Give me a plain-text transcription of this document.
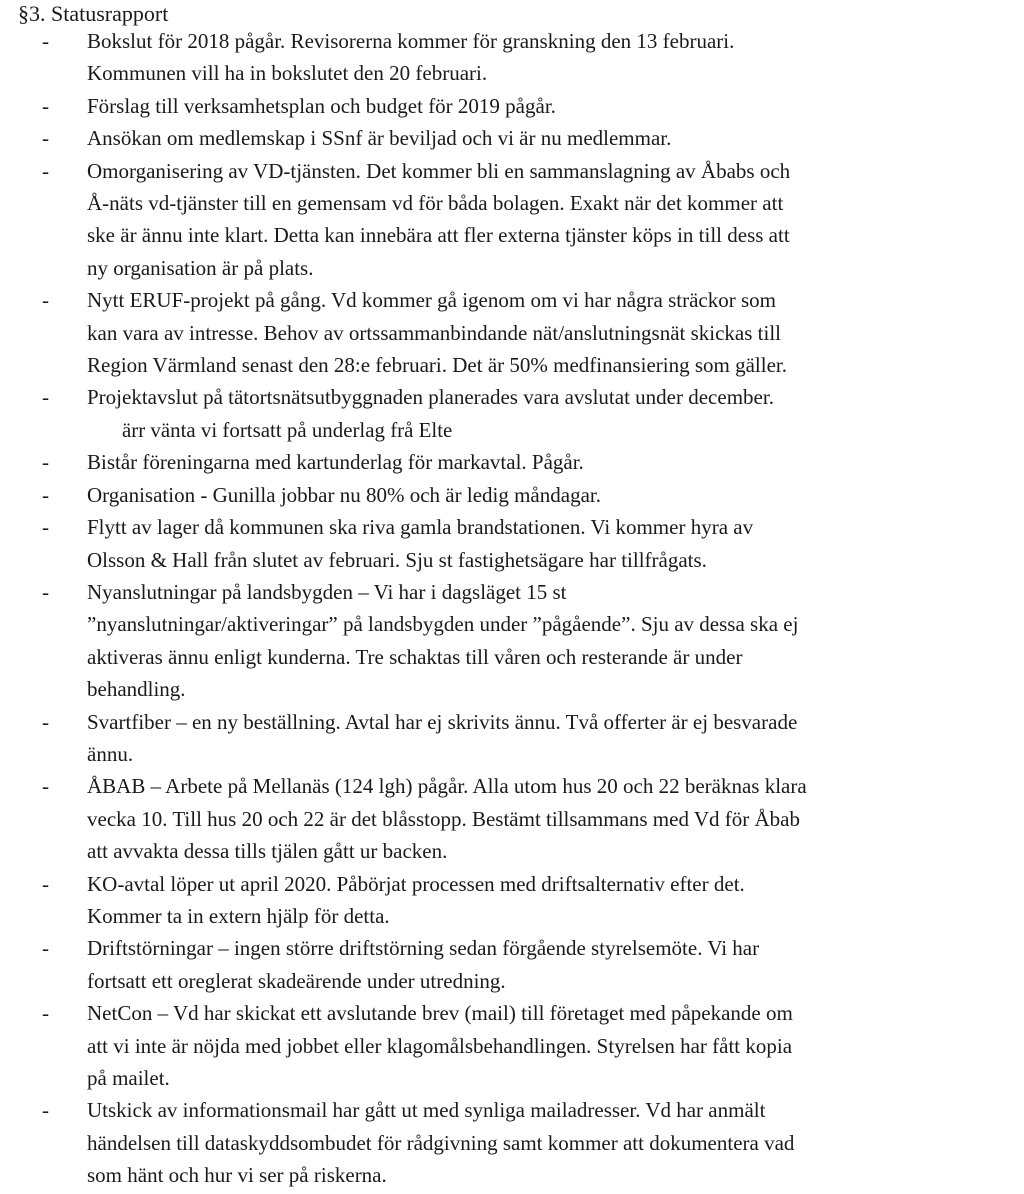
§3. Statusrapport
- Bokslut för 2018 pågår. Revisorerna kommer för granskning den 13 februari.
Kommunen vill ha in bokslutet den 20 februari.
- Förslag till verksamhetsplan och budget för 2019 pågår.
- Ansökan om medlemskap i SSnf är beviljad och vi är nu medlemmar.
- Omorganisering av VD-tjänsten. Det kommer bli en sammanslagning av Åbabs och
Å-näts vd-tjänster till en gemensam vd för båda bolagen. Exakt när det kommer att
ske är ännu inte klart. Detta kan innebära att fler externa tjänster köps in till dess att
ny organisation är på plats.
- Nytt ERUF-projekt på gång. Vd kommer gå igenom om vi har några sträckor som
kan vara av intresse. Behov av ortssammanbindande nät/anslutningsnät skickas till
Region Värmland senast den 28:e februari. Det är 50% medfinansiering som gäller.
- Projektavslut på tätortsnätsutbyggnaden planerades vara avslutat under december.
ärr vänta vi fortsatt på underlag frå Elte
- Bistår föreningarna med kartunderlag för markavtal. Pågår.
- Organisation - Gunilla jobbar nu 80% och är ledig måndagar.
- Flytt av lager då kommunen ska riva gamla brandstationen. Vi kommer hyra av
Olsson & Hall från slutet av februari. Sju st fastighetsägare har tillfrågats.
- Nyanslutningar på landsbygden – Vi har i dagsläget 15 st
”nyanslutningar/aktiveringar” på landsbygden under ”pågående”. Sju av dessa ska ej
aktiveras ännu enligt kunderna. Tre schaktas till våren och resterande är under
behandling.
- Svartfiber – en ny beställning. Avtal har ej skrivits ännu. Två offerter är ej besvarade
ännu.
- ÅBAB – Arbete på Mellanäs (124 lgh) pågår. Alla utom hus 20 och 22 beräknas klara
vecka 10. Till hus 20 och 22 är det blåsstopp. Bestämt tillsammans med Vd för Åbab
att avvakta dessa tills tjälen gått ur backen.
- KO-avtal löper ut april 2020. Påbörjat processen med driftsalternativ efter det.
Kommer ta in extern hjälp för detta.
- Driftstörningar – ingen större driftstörning sedan förgående styrelsemöte. Vi har
fortsatt ett oreglerat skadeärende under utredning.
- NetCon – Vd har skickat ett avslutande brev (mail) till företaget med påpekande om
att vi inte är nöjda med jobbet eller klagomålsbehandlingen. Styrelsen har fått kopia
på mailet.
- Utskick av informationsmail har gått ut med synliga mailadresser. Vd har anmält
händelsen till dataskyddsombudet för rådgivning samt kommer att dokumentera vad
som hänt och hur vi ser på riskerna.
